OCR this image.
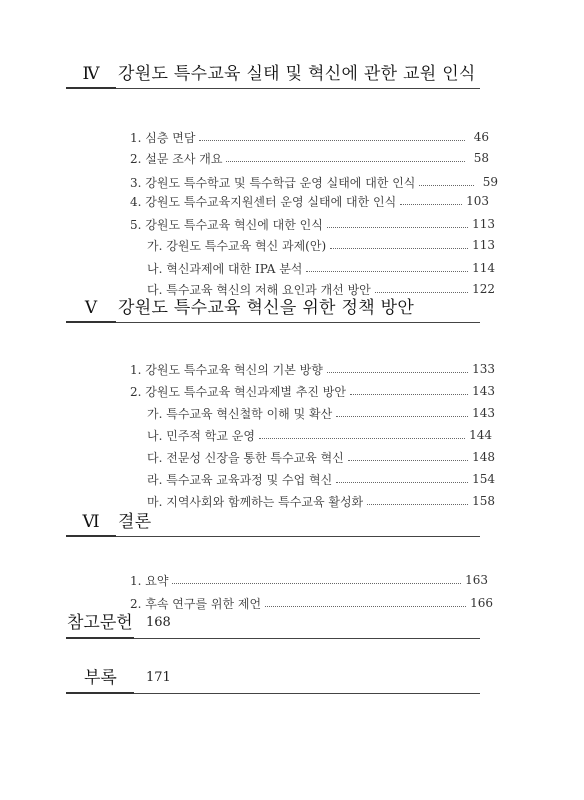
Ⅳ 강원도 특수교육 실태 및 혁신에 관한 교원 인식
1. 심층 면담	46
2. 설문 조사 개요	58
3. 강원도 특수학교 및 특수학급 운영 실태에 대한 인식	59
4. 강원도 특수교육지원센터 운영 실태에 대한 인식	103
5. 강원도 특수교육 혁신에 대한 인식	113
가. 강원도 특수교육 혁신 과제(안)	113
나. 혁신과제에 대한 IPA 분석	114
다. 특수교육 혁신의 저해 요인과 개선 방안	122
Ⅴ	강원도 특수교육 혁신을 위한 정책 방안
1. 강원도 특수교육 혁신의 기본 방향	133
2. 강원도 특수교육 혁신과제별 추진 방안	143
가. 특수교육 혁신철학 이해 및 확산	143
나. 민주적 학교 운영	144
다. 전문성 신장을 통한 특수교육 혁신	148
라. 특수교육 교육과정 및 수업 혁신	154
마. 지역사회와 함께하는 특수교육 활성화	158
Ⅵ 결론
1. 요약	163
2. 후속 연구를 위한 제언	166
참고문헌 168
부록 171
